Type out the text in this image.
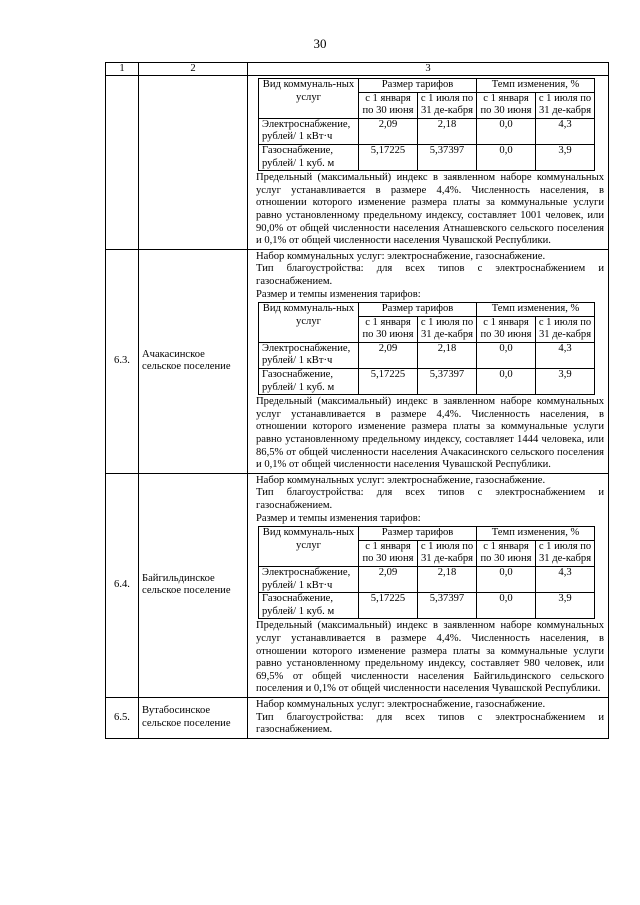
30
1	2	3

Вид коммуналь-ных услуг	Размер тарифов	Темп изменения, %
с 1 января по 30 июня	с 1 июля по 31 де-кабря	с 1 января по 30 июня	с 1 июля по 31 де-кабря
Электроснабжение, рублей/ 1 кВт·ч	2,09	2,18	0,0	4,3
Газоснабжение, рублей/ 1 куб. м	5,17225	5,37397	0,0	3,9
Предельный (максимальный) индекс в заявленном наборе коммунальных услуг устанавливается в размере 4,4%. Численность населения, в отношении которого изменение размера платы за коммунальные услуги равно установленному предельному индексу, составляет 1001 человек, или 90,0% от общей численности населения Атнашевского сельского поселения и 0,1% от общей численности населения Чувашской Республики.

6.3.	Ачакасинское сельское поселение	
Набор коммунальных услуг: электроснабжение, газоснабжение.
Тип благоустройства: для всех типов с электроснабжением и газоснабжением.
Размер и темпы изменения тарифов:
Вид коммуналь-ных услуг	Размер тарифов	Темп изменения, %
с 1 января по 30 июня	с 1 июля по 31 де-кабря	с 1 января по 30 июня	с 1 июля по 31 де-кабря
Электроснабжение, рублей/ 1 кВт·ч	2,09	2,18	0,0	4,3
Газоснабжение, рублей/ 1 куб. м	5,17225	5,37397	0,0	3,9
Предельный (максимальный) индекс в заявленном наборе коммунальных услуг устанавливается в размере 4,4%. Численность населения, в отношении которого изменение размера платы за коммунальные услуги равно установленному предельному индексу, составляет 1444 человека, или 86,5% от общей численности населения Ачакасинского сельского поселения и 0,1% от общей численности населения Чувашской Республики.

6.4.	Байгильдинское сельское поселение	
Набор коммунальных услуг: электроснабжение, газоснабжение.
Тип благоустройства: для всех типов с электроснабжением и газоснабжением.
Размер и темпы изменения тарифов:
Вид коммуналь-ных услуг	Размер тарифов	Темп изменения, %
с 1 января по 30 июня	с 1 июля по 31 де-кабря	с 1 января по 30 июня	с 1 июля по 31 де-кабря
Электроснабжение, рублей/ 1 кВт·ч	2,09	2,18	0,0	4,3
Газоснабжение, рублей/ 1 куб. м	5,17225	5,37397	0,0	3,9
Предельный (максимальный) индекс в заявленном наборе коммунальных услуг устанавливается в размере 4,4%. Численность населения, в отношении которого изменение размера платы за коммунальные услуги равно установленному предельному индексу, составляет 980 человек, или 69,5% от общей численности населения Байгильдинского сельского поселения и 0,1% от общей численности населения Чувашской Республики.

6.5.	Вутабосинское сельское поселение	
Набор коммунальных услуг: электроснабжение, газоснабжение.
Тип благоустройства: для всех типов с электроснабжением и газоснабжением.
